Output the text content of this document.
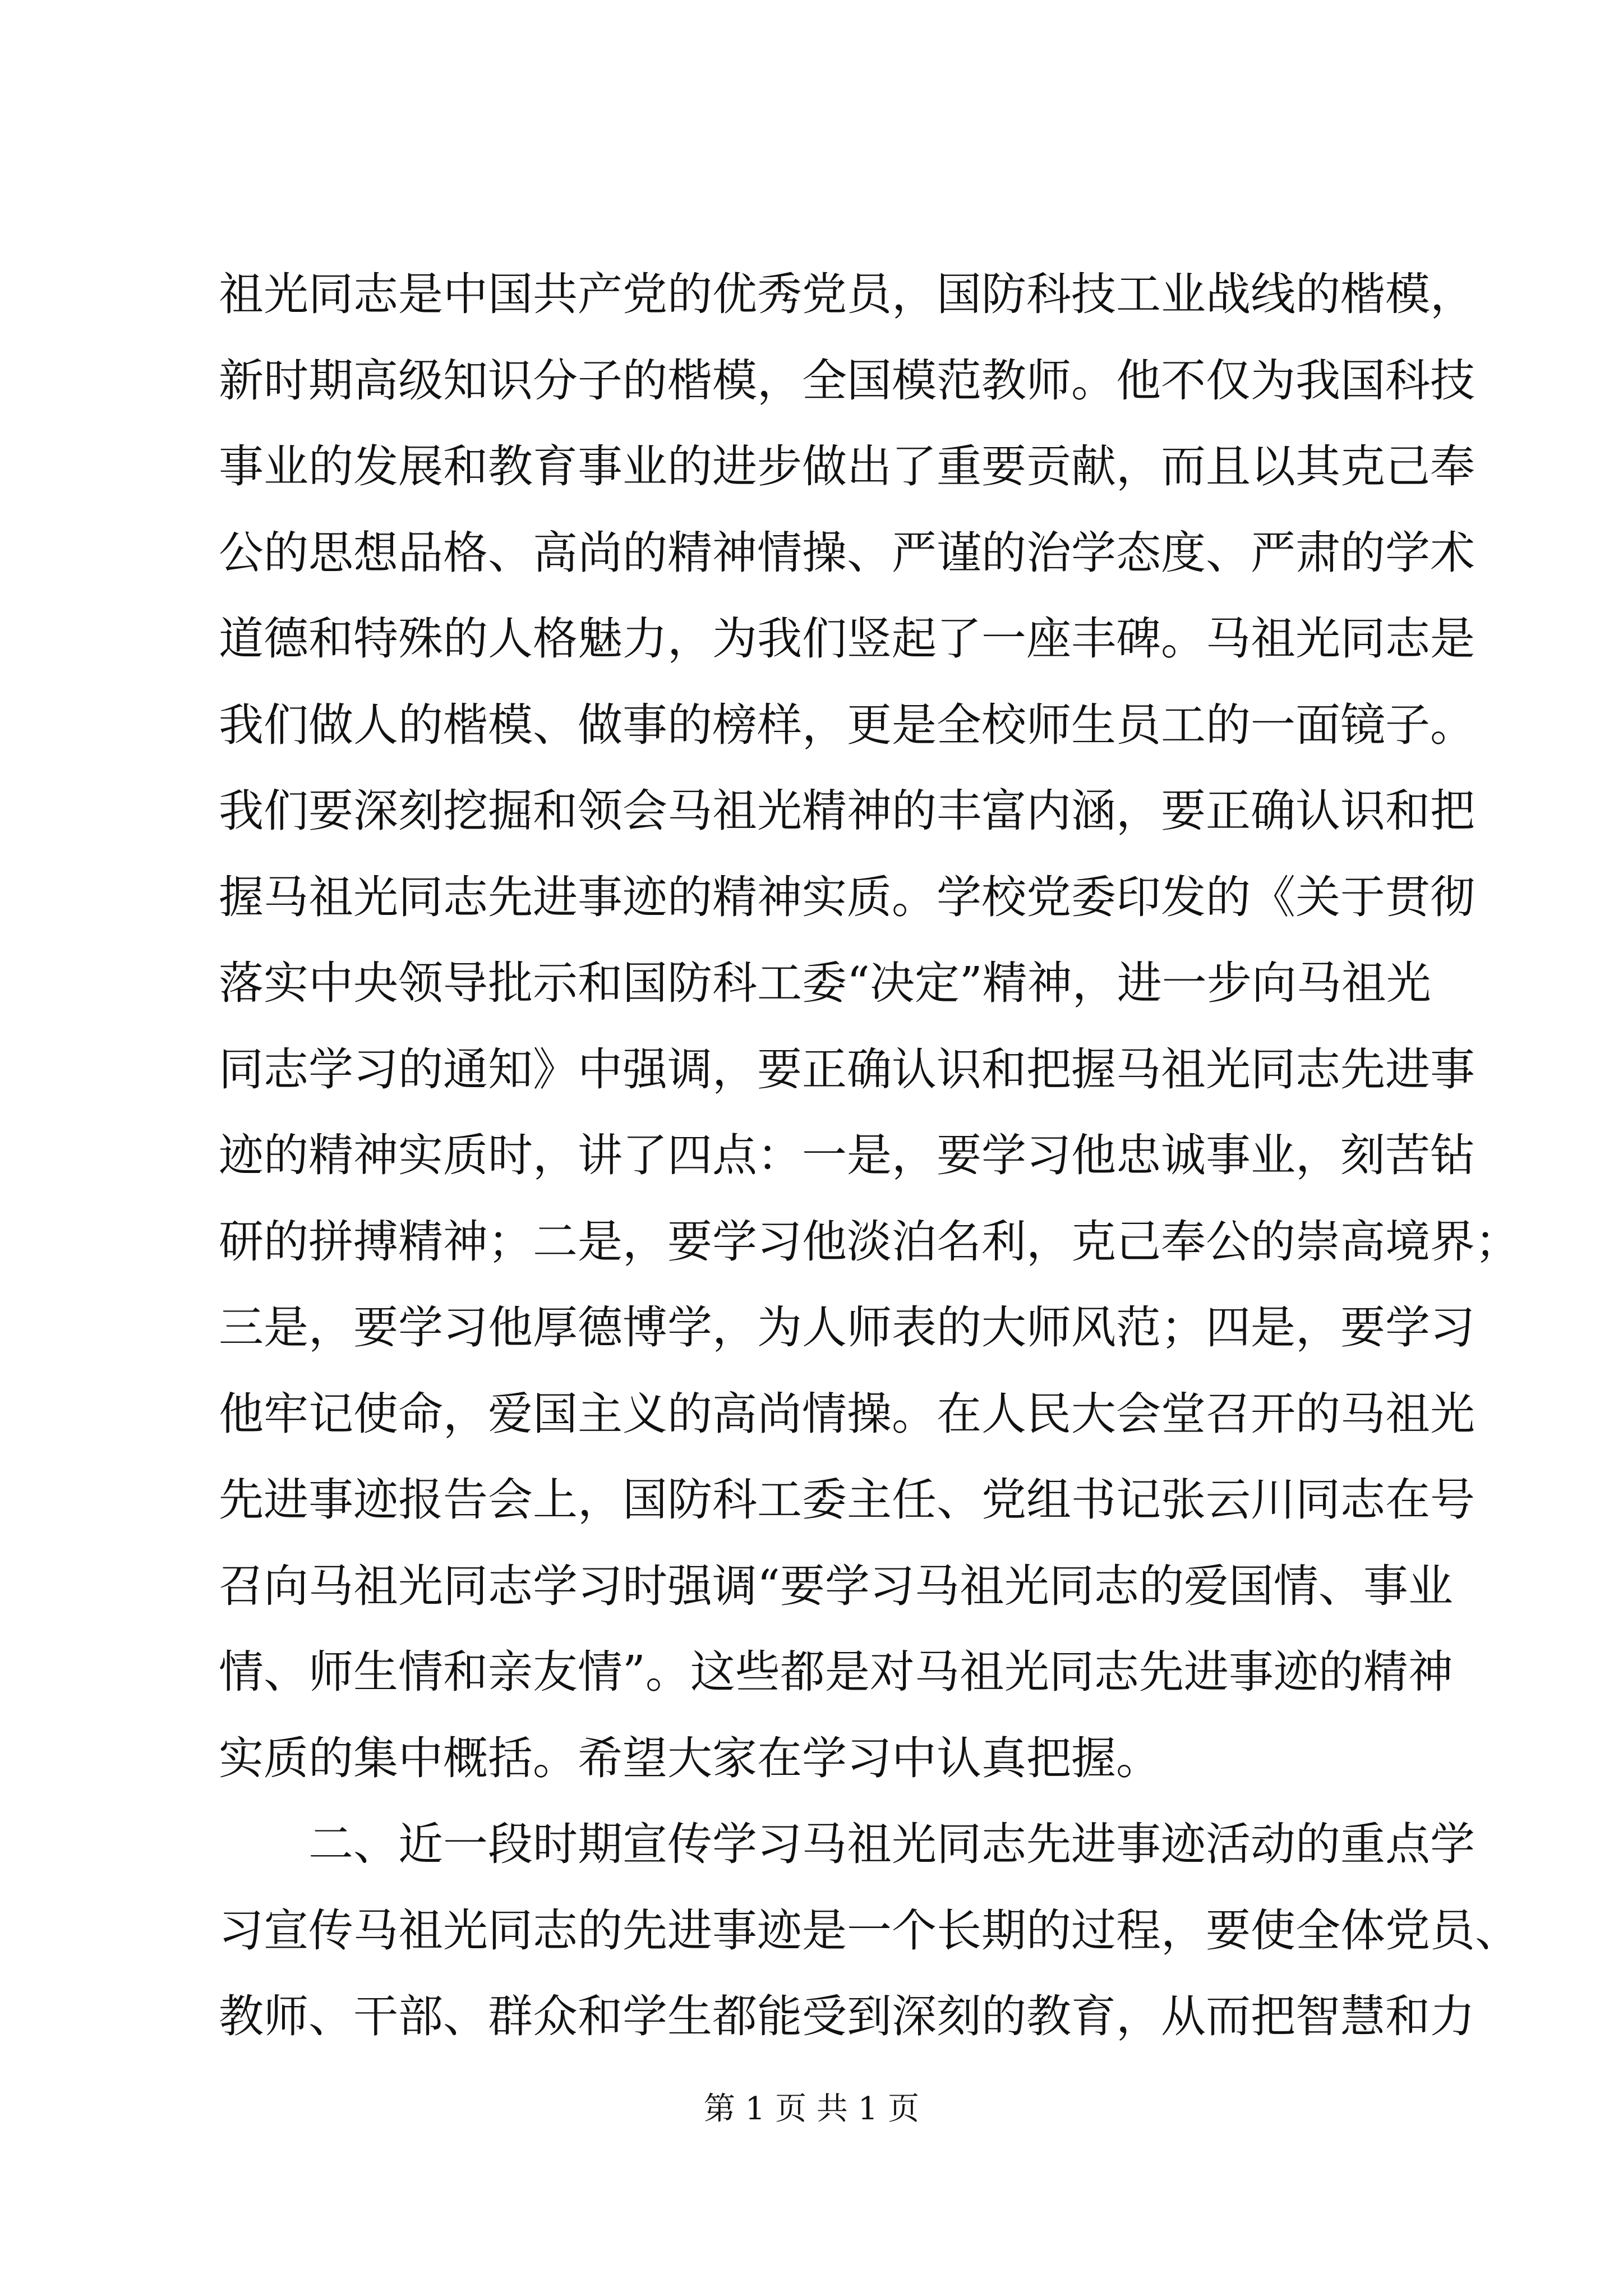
祖光同志是中国共产党的优秀党员，国防科技工业战线的楷模，
新时期高级知识分子的楷模，全国模范教师。他不仅为我国科技
事业的发展和教育事业的进步做出了重要贡献，而且以其克己奉
公的思想品格、高尚的精神情操、严谨的治学态度、严肃的学术
道德和特殊的人格魅力，为我们竖起了一座丰碑。马祖光同志是
我们做人的楷模、做事的榜样，更是全校师生员工的一面镜子。
我们要深刻挖掘和领会马祖光精神的丰富内涵，要正确认识和把
握马祖光同志先进事迹的精神实质。学校党委印发的《关于贯彻
落实中央领导批示和国防科工委“决定”精神，进一步向马祖光
同志学习的通知》中强调，要正确认识和把握马祖光同志先进事
迹的精神实质时，讲了四点：一是，要学习他忠诚事业，刻苦钻
研的拼搏精神；二是，要学习他淡泊名利，克己奉公的崇高境界；
三是，要学习他厚德博学，为人师表的大师风范；四是，要学习
他牢记使命，爱国主义的高尚情操。在人民大会堂召开的马祖光
先进事迹报告会上，国防科工委主任、党组书记张云川同志在号
召向马祖光同志学习时强调“要学习马祖光同志的爱国情、事业
情、师生情和亲友情”。这些都是对马祖光同志先进事迹的精神
实质的集中概括。希望大家在学习中认真把握。
二、近一段时期宣传学习马祖光同志先进事迹活动的重点学
习宣传马祖光同志的先进事迹是一个长期的过程，要使全体党员、
教师、干部、群众和学生都能受到深刻的教育，从而把智慧和力
第 1 页 共 1 页
